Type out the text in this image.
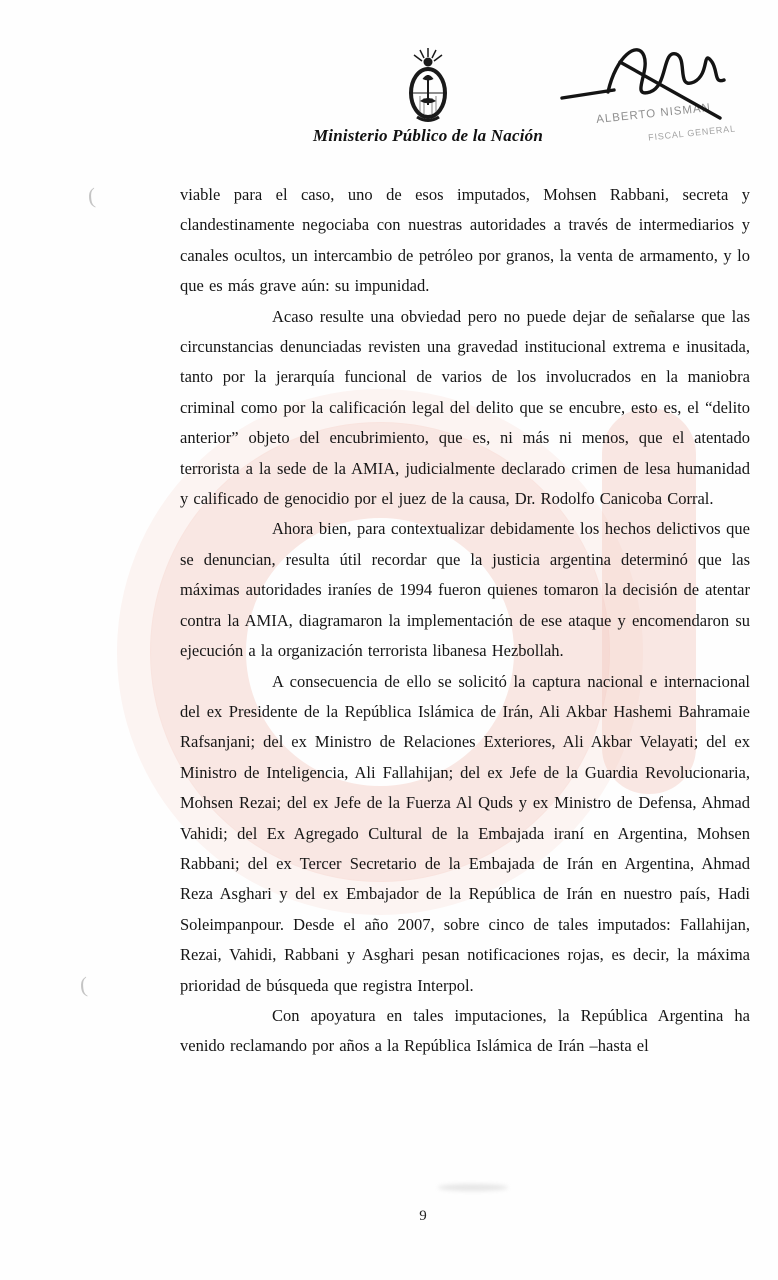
Ministerio Público de la Nación
ALBERTO NISMAN
FISCAL GENERAL

viable para el caso, uno de esos imputados, Mohsen Rabbani, secreta y clandestinamente negociaba con nuestras autoridades a través de intermediarios y canales ocultos, un intercambio de petróleo por granos, la venta de armamento, y lo que es más grave aún: su impunidad.

Acaso resulte una obviedad pero no puede dejar de señalarse que las circunstancias denunciadas revisten una gravedad institucional extrema e inusitada, tanto por la jerarquía funcional de varios de los involucrados en la maniobra criminal como por la calificación legal del delito que se encubre, esto es, el “delito anterior” objeto del encubrimiento, que es, ni más ni menos, que el atentado terrorista a la sede de la AMIA, judicialmente declarado crimen de lesa humanidad y calificado de genocidio por el juez de la causa, Dr. Rodolfo Canicoba Corral.

Ahora bien, para contextualizar debidamente los hechos delictivos que se denuncian, resulta útil recordar que la justicia argentina determinó que las máximas autoridades iraníes de 1994 fueron quienes tomaron la decisión de atentar contra la AMIA, diagramaron la implementación de ese ataque y encomendaron su ejecución a la organización terrorista libanesa Hezbollah.

A consecuencia de ello se solicitó la captura nacional e internacional del ex Presidente de la República Islámica de Irán, Ali Akbar Hashemi Bahramaie Rafsanjani; del ex Ministro de Relaciones Exteriores, Ali Akbar Velayati; del ex Ministro de Inteligencia, Ali Fallahijan; del ex Jefe de la Guardia Revolucionaria, Mohsen Rezai; del ex Jefe de la Fuerza Al Quds y ex Ministro de Defensa, Ahmad Vahidi; del Ex Agregado Cultural de la Embajada iraní en Argentina, Mohsen Rabbani; del ex Tercer Secretario de la Embajada de Irán en Argentina, Ahmad Reza Asghari y del ex Embajador de la República de Irán en nuestro país, Hadi Soleimpanpour. Desde el año 2007, sobre cinco de tales imputados: Fallahijan, Rezai, Vahidi, Rabbani y Asghari pesan notificaciones rojas, es decir, la máxima prioridad de búsqueda que registra Interpol.

Con apoyatura en tales imputaciones, la República Argentina ha venido reclamando por años a la República Islámica de Irán –hasta el

(
(
9
